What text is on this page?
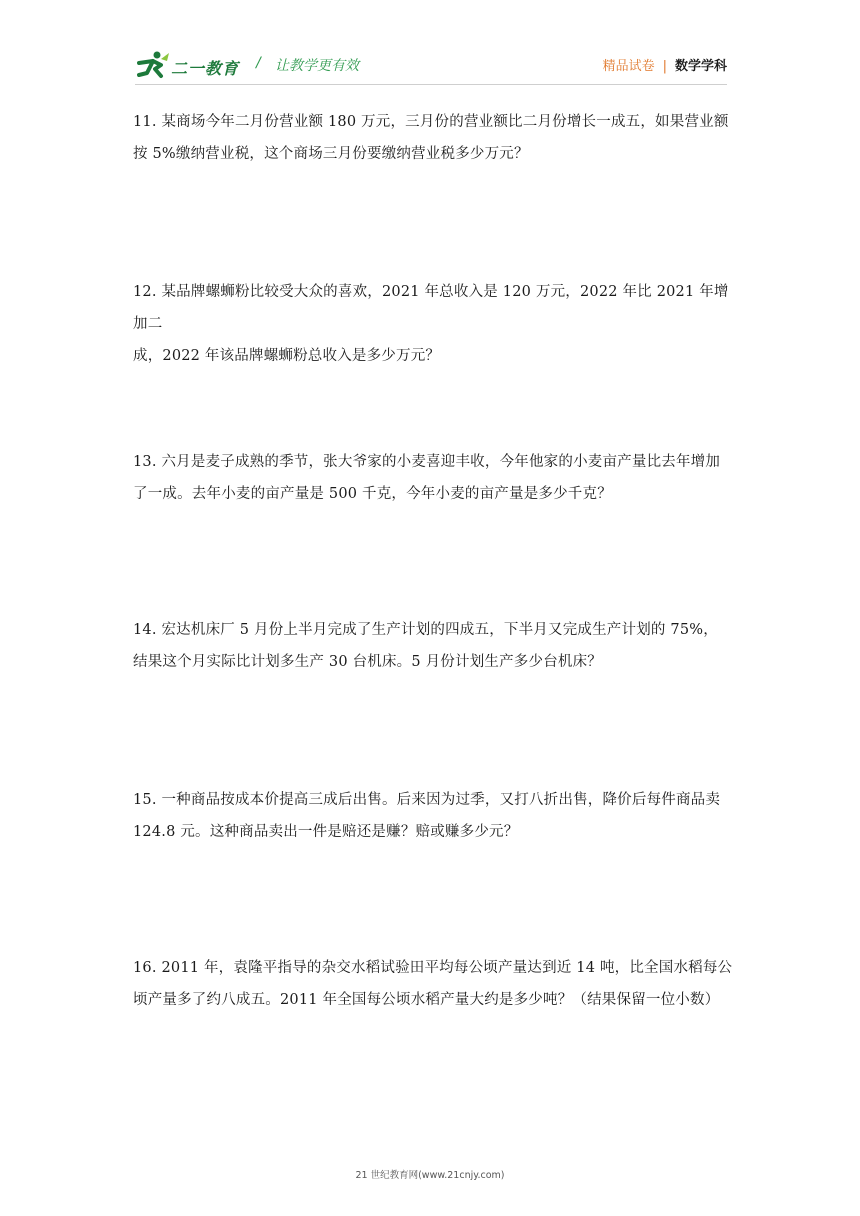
二一教育 / 让教学更有效	精品试卷 | 数学学科

11. 某商场今年二月份营业额 180 万元，三月份的营业额比二月份增长一成五，如果营业额

按 5%缴纳营业税，这个商场三月份要缴纳营业税多少万元？

12. 某品牌螺蛳粉比较受大众的喜欢，2021 年总收入是 120 万元，2022 年比 2021 年增加二

成，2022 年该品牌螺蛳粉总收入是多少万元？

13. 六月是麦子成熟的季节，张大爷家的小麦喜迎丰收，今年他家的小麦亩产量比去年增加

了一成。去年小麦的亩产量是 500 千克，今年小麦的亩产量是多少千克？

14. 宏达机床厂 5 月份上半月完成了生产计划的四成五，下半月又完成生产计划的 75%，

结果这个月实际比计划多生产 30 台机床。5 月份计划生产多少台机床？

15. 一种商品按成本价提高三成后出售。后来因为过季，又打八折出售，降价后每件商品卖

124.8 元。这种商品卖出一件是赔还是赚？赔或赚多少元？

16. 2011 年，袁隆平指导的杂交水稻试验田平均每公顷产量达到近 14 吨，比全国水稻每公

顷产量多了约八成五。2011 年全国每公顷水稻产量大约是多少吨？（结果保留一位小数）

21 世纪教育网(www.21cnjy.com)
